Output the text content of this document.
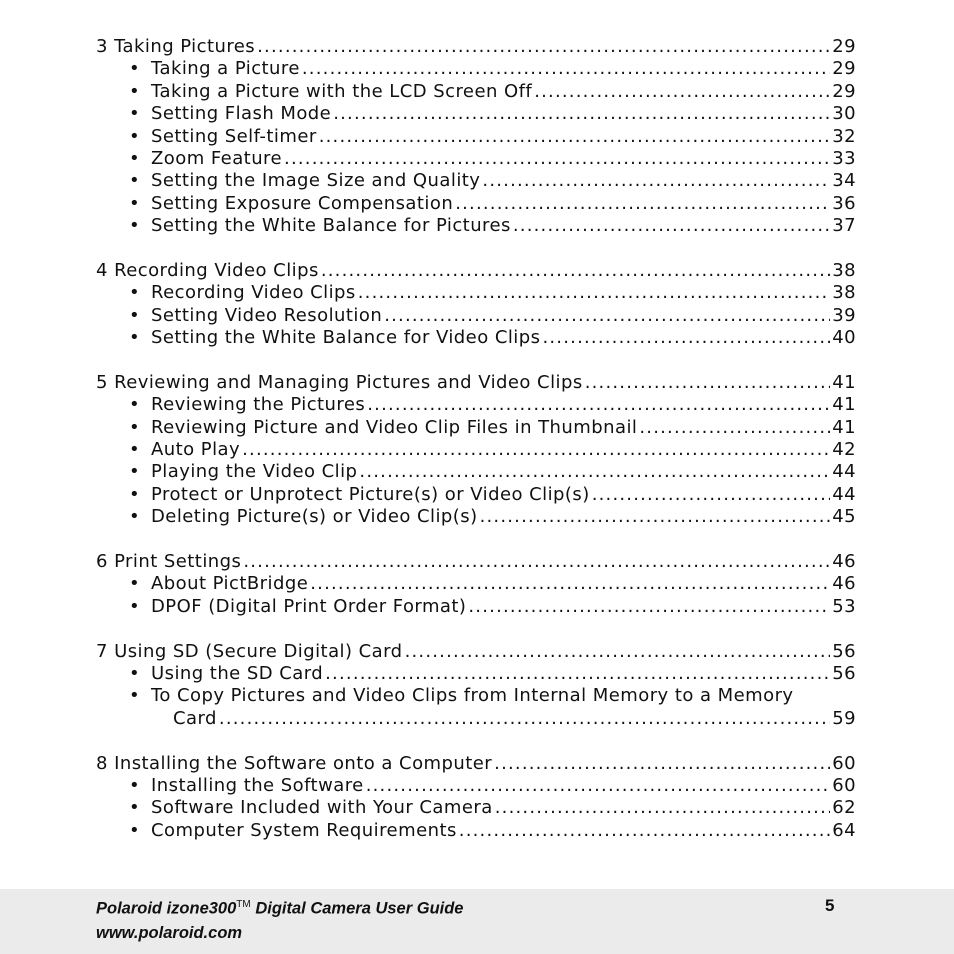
3 Taking Pictures .....	29
• Taking a Picture .....	29
• Taking a Picture with the LCD Screen Off .....	29
• Setting Flash Mode .....	30
• Setting Self-timer .....	32
• Zoom Feature .....	33
• Setting the Image Size and Quality .....	34
• Setting Exposure Compensation .....	36
• Setting the White Balance for Pictures .....	37
4 Recording Video Clips .....	38
• Recording Video Clips .....	38
• Setting Video Resolution .....	39
• Setting the White Balance for Video Clips .....	40
5 Reviewing and Managing Pictures and Video Clips .....	41
• Reviewing the Pictures .....	41
• Reviewing Picture and Video Clip Files in Thumbnail .....	41
• Auto Play .....	42
• Playing the Video Clip .....	44
• Protect or Unprotect Picture(s) or Video Clip(s) .....	44
• Deleting Picture(s) or Video Clip(s) .....	45
6 Print Settings .....	46
• About PictBridge .....	46
• DPOF (Digital Print Order Format) .....	53
7 Using SD (Secure Digital) Card .....	56
• Using the SD Card .....	56
• To Copy Pictures and Video Clips from Internal Memory to a Memory
Card .....	59
8 Installing the Software onto a Computer .....	60
• Installing the Software .....	60
• Software Included with Your Camera .....	62
• Computer System Requirements .....	64
Polaroid izone300™ Digital Camera User Guide
www.polaroid.com
5
